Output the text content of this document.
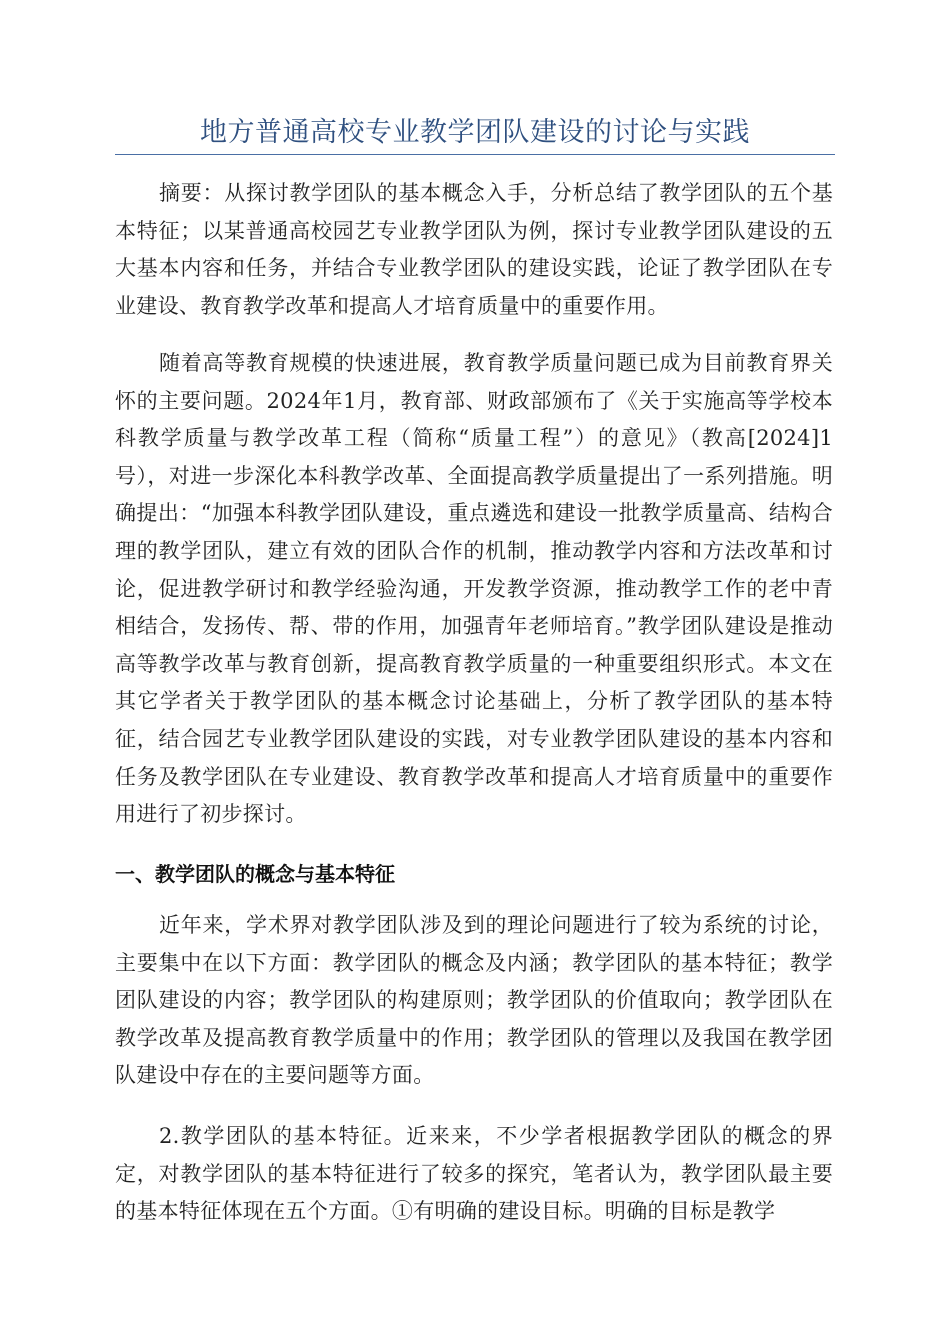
地方普通高校专业教学团队建设的讨论与实践

摘要：从探讨教学团队的基本概念入手，分析总结了教学团队的五个基本特征；以某普通高校园艺专业教学团队为例，探讨专业教学团队建设的五大基本内容和任务，并结合专业教学团队的建设实践，论证了教学团队在专业建设、教育教学改革和提高人才培育质量中的重要作用。

随着高等教育规模的快速进展，教育教学质量问题已成为目前教育界关怀的主要问题。2024年1月，教育部、财政部颁布了《关于实施高等学校本科教学质量与教学改革工程（简称“质量工程”）的意见》（教高[2024]1号），对进一步深化本科教学改革、全面提高教学质量提出了一系列措施。明确提出：“加强本科教学团队建设，重点遴选和建设一批教学质量高、结构合理的教学团队，建立有效的团队合作的机制，推动教学内容和方法改革和讨论，促进教学研讨和教学经验沟通，开发教学资源，推动教学工作的老中青相结合，发扬传、帮、带的作用，加强青年老师培育。”教学团队建设是推动高等教学改革与教育创新，提高教育教学质量的一种重要组织形式。本文在其它学者关于教学团队的基本概念讨论基础上，分析了教学团队的基本特征，结合园艺专业教学团队建设的实践，对专业教学团队建设的基本内容和任务及教学团队在专业建设、教育教学改革和提高人才培育质量中的重要作用进行了初步探讨。

一、教学团队的概念与基本特征

近年来，学术界对教学团队涉及到的理论问题进行了较为系统的讨论，主要集中在以下方面：教学团队的概念及内涵；教学团队的基本特征；教学团队建设的内容；教学团队的构建原则；教学团队的价值取向；教学团队在教学改革及提高教育教学质量中的作用；教学团队的管理以及我国在教学团队建设中存在的主要问题等方面。

2.教学团队的基本特征。近来来，不少学者根据教学团队的概念的界定，对教学团队的基本特征进行了较多的探究，笔者认为，教学团队最主要的基本特征体现在五个方面。①有明确的建设目标。明确的目标是教学
